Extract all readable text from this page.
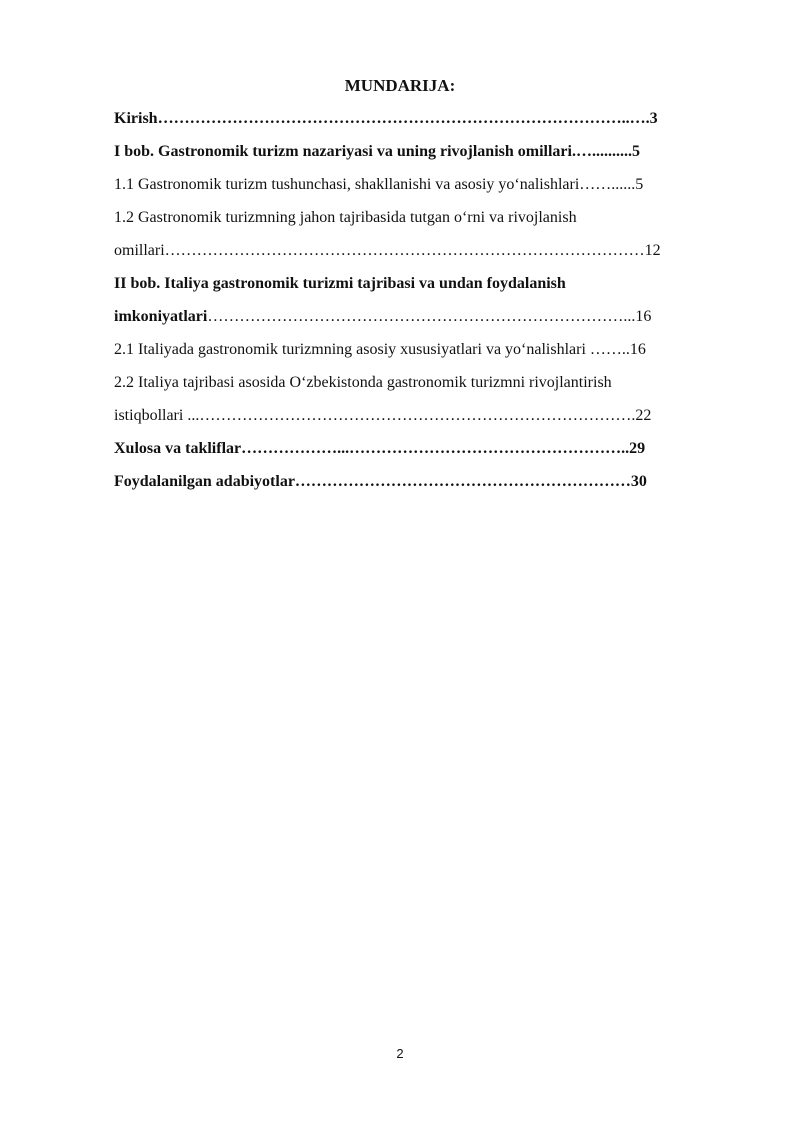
MUNDARIJA:
Kirish……………………………………………………………………………..….3
I bob. Gastronomik turizm nazariyasi va uning rivojlanish omillari.…..........5
1.1 Gastronomik turizm tushunchasi, shakllanishi va asosiy yo‘nalishlari……......5
1.2 Gastronomik turizmning jahon tajribasida tutgan o‘rni va rivojlanish
omillari………………………………………………………………………………12
II bob. Italiya gastronomik turizmi tajribasi va undan foydalanish
imkoniyatlari……………………………………………………………………...16
2.1 Italiyada gastronomik turizmning asosiy xususiyatlari va yo‘nalishlari ……..16
2.2 Italiya tajribasi asosida O‘zbekistonda gastronomik turizmni rivojlantirish
istiqbollari ...……………………………………………………………………….22
Xulosa va takliflar………………...……………………………………………..29
Foydalanilgan adabiyotlar………………………………………………………30
2
